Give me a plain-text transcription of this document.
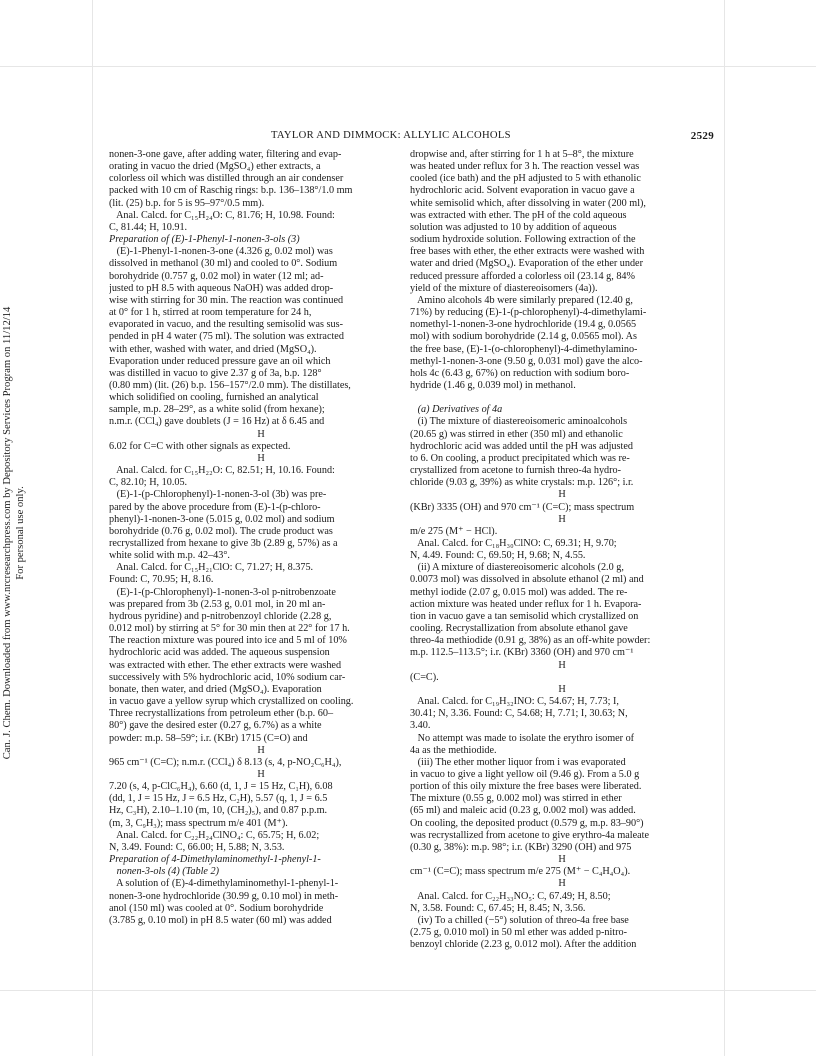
Can. J. Chem. Downloaded from www.nrcresearchpress.com by Depository Services Program on 11/12/14 For personal use only.
TAYLOR AND DIMMOCK: ALLYLIC ALCOHOLS	2529
nonen-3-one gave, after adding water, filtering and evap-
orating in vacuo the dried (MgSO₄) ether extracts, a
colorless oil which was distilled through an air condenser
packed with 10 cm of Raschig rings: b.p. 136–138°/1.0 mm
(lit. (25) b.p. for 5 is 95–97°/0.5 mm).
Anal. Calcd. for C₁₅H₂₄O: C, 81.76; H, 10.98. Found:
C, 81.44; H, 10.91.
Preparation of (E)-1-Phenyl-1-nonen-3-ols (3)
(E)-1-Phenyl-1-nonen-3-one (4.326 g, 0.02 mol) was
dissolved in methanol (30 ml) and cooled to 0°. Sodium
borohydride (0.757 g, 0.02 mol) in water (12 ml; ad-
justed to pH 8.5 with aqueous NaOH) was added drop-
wise with stirring for 30 min. The reaction was continued
at 0° for 1 h, stirred at room temperature for 24 h,
evaporated in vacuo, and the resulting semisolid was sus-
pended in pH 4 water (75 ml). The solution was extracted
with ether, washed with water, and dried (MgSO₄).
Evaporation under reduced pressure gave an oil which
was distilled in vacuo to give 2.37 g of 3a, b.p. 128°
(0.80 mm) (lit. (26) b.p. 156–157°/2.0 mm). The distillates,
which solidified on cooling, furnished an analytical
sample, m.p. 28–29°, as a white solid (from hexane);
n.m.r. (CCl₄) gave doublets (J = 16 Hz) at δ 6.45 and
H
6.02 for C=C with other signals as expected.
H
Anal. Calcd. for C₁₅H₂₂O: C, 82.51; H, 10.16. Found:
C, 82.10; H, 10.05.
(E)-1-(p-Chlorophenyl)-1-nonen-3-ol (3b) was pre-
pared by the above procedure from (E)-1-(p-chloro-
phenyl)-1-nonen-3-one (5.015 g, 0.02 mol) and sodium
borohydride (0.76 g, 0.02 mol). The crude product was
recrystallized from hexane to give 3b (2.89 g, 57%) as a
white solid with m.p. 42–43°.
Anal. Calcd. for C₁₅H₂₁ClO: C, 71.27; H, 8.375.
Found: C, 70.95; H, 8.16.
(E)-1-(p-Chlorophenyl)-1-nonen-3-ol p-nitrobenzoate
was prepared from 3b (2.53 g, 0.01 mol, in 20 ml an-
hydrous pyridine) and p-nitrobenzoyl chloride (2.28 g,
0.012 mol) by stirring at 5° for 30 min then at 22° for 17 h.
The reaction mixture was poured into ice and 5 ml of 10%
hydrochloric acid was added. The aqueous suspension
was extracted with ether. The ether extracts were washed
successively with 5% hydrochloric acid, 10% sodium car-
bonate, then water, and dried (MgSO₄). Evaporation
in vacuo gave a yellow syrup which crystallized on cooling.
Three recrystallizations from petroleum ether (b.p. 60–
80°) gave the desired ester (0.27 g, 6.7%) as a white
powder: m.p. 58–59°; i.r. (KBr) 1715 (C=O) and
H
965 cm⁻¹ (C=C); n.m.r. (CCl₄) δ 8.13 (s, 4, p-NO₂C₆H₄),
H
7.20 (s, 4, p-ClC₆H₄), 6.60 (d, 1, J = 15 Hz, C₁H), 6.08
(dd, 1, J = 15 Hz, J = 6.5 Hz, C₂H), 5.57 (q, 1, J = 6.5
Hz, C₃H), 2.10–1.10 (m, 10, (CH₂)₅), and 0.87 p.p.m.
(m, 3, C₉H₃); mass spectrum m/e 401 (M⁺).
Anal. Calcd. for C₂₂H₂₄ClNO₄: C, 65.75; H, 6.02;
N, 3.49. Found: C, 66.00; H, 5.88; N, 3.53.
Preparation of 4-Dimethylaminomethyl-1-phenyl-1-
nonen-3-ols (4) (Table 2)
A solution of (E)-4-dimethylaminomethyl-1-phenyl-1-
nonen-3-one hydrochloride (30.99 g, 0.10 mol) in meth-
anol (150 ml) was cooled at 0°. Sodium borohydride
(3.785 g, 0.10 mol) in pH 8.5 water (60 ml) was added
dropwise and, after stirring for 1 h at 5–8°, the mixture
was heated under reflux for 3 h. The reaction vessel was
cooled (ice bath) and the pH adjusted to 5 with ethanolic
hydrochloric acid. Solvent evaporation in vacuo gave a
white semisolid which, after dissolving in water (200 ml),
was extracted with ether. The pH of the cold aqueous
solution was adjusted to 10 by addition of aqueous
sodium hydroxide solution. Following extraction of the
free bases with ether, the ether extracts were washed with
water and dried (MgSO₄). Evaporation of the ether under
reduced pressure afforded a colorless oil (23.14 g, 84%
yield of the mixture of diastereoisomers (4a)).
Amino alcohols 4b were similarly prepared (12.40 g,
71%) by reducing (E)-1-(p-chlorophenyl)-4-dimethylami-
nomethyl-1-nonen-3-one hydrochloride (19.4 g, 0.0565
mol) with sodium borohydride (2.14 g, 0.0565 mol). As
the free base, (E)-1-(o-chlorophenyl)-4-dimethylamino-
methyl-1-nonen-3-one (9.50 g, 0.031 mol) gave the alco-
hols 4c (6.43 g, 67%) on reduction with sodium boro-
hydride (1.46 g, 0.039 mol) in methanol.

(a) Derivatives of 4a
(i) The mixture of diastereoisomeric aminoalcohols
(20.65 g) was stirred in ether (350 ml) and ethanolic
hydrochloric acid was added until the pH was adjusted
to 6. On cooling, a product precipitated which was re-
crystallized from acetone to furnish threo-4a hydro-
chloride (9.03 g, 39%) as white crystals: m.p. 126°; i.r.
H
(KBr) 3335 (OH) and 970 cm⁻¹ (C=C); mass spectrum
H
m/e 275 (M⁺ − HCl).
Anal. Calcd. for C₁₈H₃₀ClNO: C, 69.31; H, 9.70;
N, 4.49. Found: C, 69.50; H, 9.68; N, 4.55.
(ii) A mixture of diastereoisomeric alcohols (2.0 g,
0.0073 mol) was dissolved in absolute ethanol (2 ml) and
methyl iodide (2.07 g, 0.015 mol) was added. The re-
action mixture was heated under reflux for 1 h. Evapora-
tion in vacuo gave a tan semisolid which crystallized on
cooling. Recrystallization from absolute ethanol gave
threo-4a methiodide (0.91 g, 38%) as an off-white powder:
m.p. 112.5–113.5°; i.r. (KBr) 3360 (OH) and 970 cm⁻¹
H
(C=C).
H
Anal. Calcd. for C₁₉H₃₂INO: C, 54.67; H, 7.73; I,
30.41; N, 3.36. Found: C, 54.68; H, 7.71; I, 30.63; N,
3.40.
No attempt was made to isolate the erythro isomer of
4a as the methiodide.
(iii) The ether mother liquor from i was evaporated
in vacuo to give a light yellow oil (9.46 g). From a 5.0 g
portion of this oily mixture the free bases were liberated.
The mixture (0.55 g, 0.002 mol) was stirred in ether
(65 ml) and maleic acid (0.23 g, 0.002 mol) was added.
On cooling, the deposited product (0.579 g, m.p. 83–90°)
was recrystallized from acetone to give erythro-4a maleate
(0.30 g, 38%): m.p. 98°; i.r. (KBr) 3290 (OH) and 975
H
cm⁻¹ (C=C); mass spectrum m/e 275 (M⁺ − C₄H₄O₄).
H
Anal. Calcd. for C₂₂H₃₃NO₅: C, 67.49; H, 8.50;
N, 3.58. Found: C, 67.45; H, 8.45; N, 3.56.
(iv) To a chilled (−5°) solution of threo-4a free base
(2.75 g, 0.010 mol) in 50 ml ether was added p-nitro-
benzoyl chloride (2.23 g, 0.012 mol). After the addition
